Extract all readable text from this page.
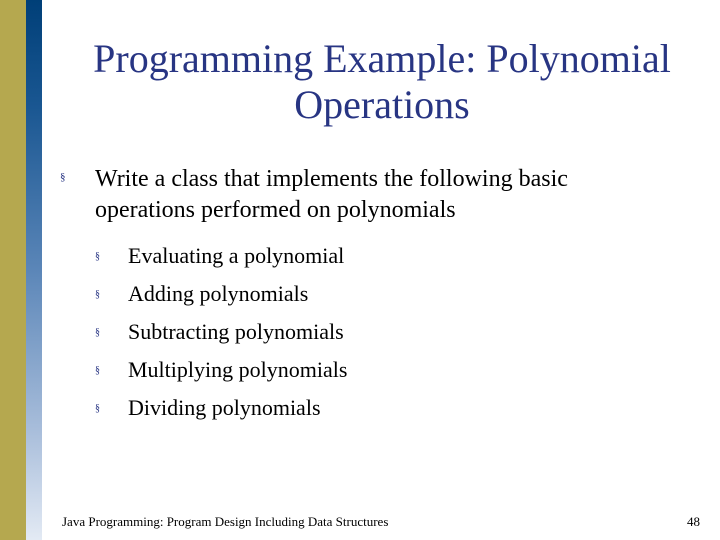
Programming Example: Polynomial
Operations
§ Write a class that implements the following basic
operations performed on polynomials
§ Evaluating a polynomial
§ Adding polynomials
§ Subtracting polynomials
§ Multiplying polynomials
§ Dividing polynomials
Java Programming: Program Design Including Data Structures	48
